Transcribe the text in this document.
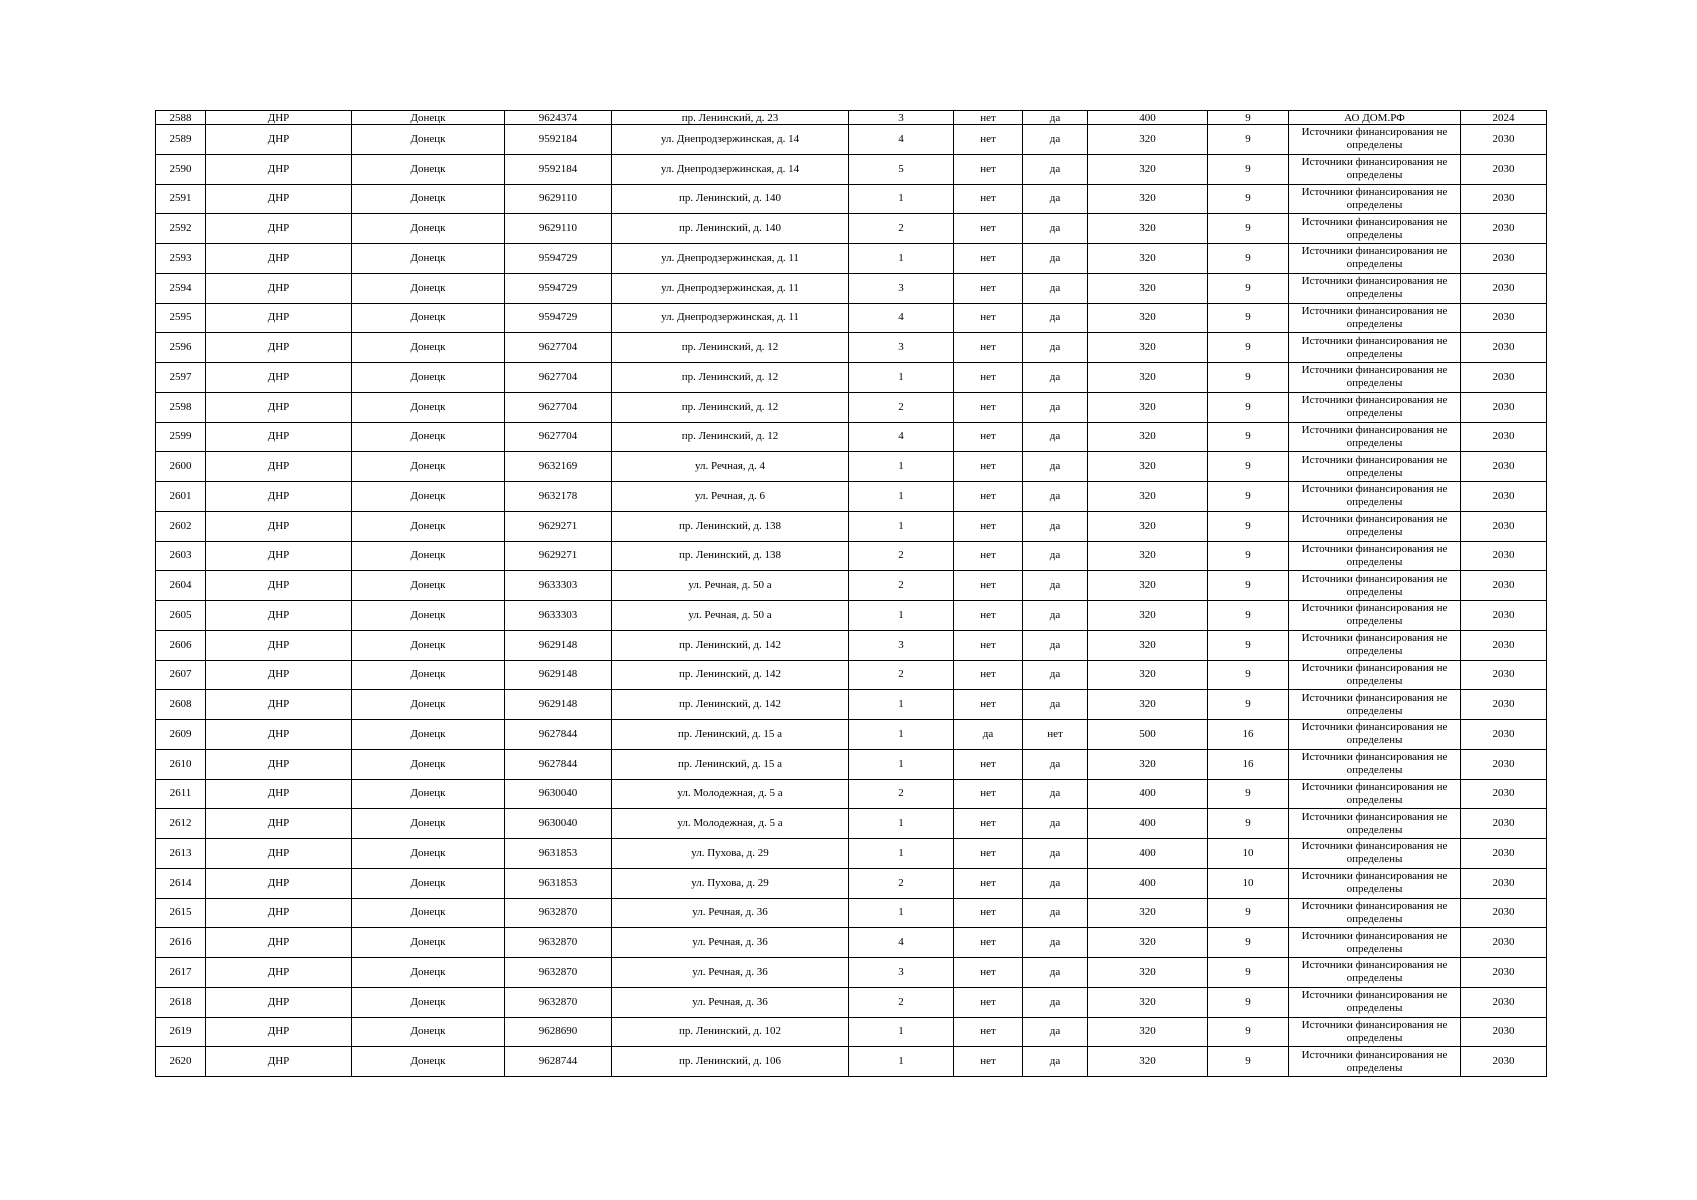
2588	ДНР	Донецк	9624374	пр. Ленинский, д. 23	3	нет	да	400	9	АО ДОМ.РФ	2024
2589	ДНР	Донецк	9592184	ул. Днепродзержинская, д. 14	4	нет	да	320	9	Источники финансирования не определены	2030
2590	ДНР	Донецк	9592184	ул. Днепродзержинская, д. 14	5	нет	да	320	9	Источники финансирования не определены	2030
2591	ДНР	Донецк	9629110	пр. Ленинский, д. 140	1	нет	да	320	9	Источники финансирования не определены	2030
2592	ДНР	Донецк	9629110	пр. Ленинский, д. 140	2	нет	да	320	9	Источники финансирования не определены	2030
2593	ДНР	Донецк	9594729	ул. Днепродзержинская, д. 11	1	нет	да	320	9	Источники финансирования не определены	2030
2594	ДНР	Донецк	9594729	ул. Днепродзержинская, д. 11	3	нет	да	320	9	Источники финансирования не определены	2030
2595	ДНР	Донецк	9594729	ул. Днепродзержинская, д. 11	4	нет	да	320	9	Источники финансирования не определены	2030
2596	ДНР	Донецк	9627704	пр. Ленинский, д. 12	3	нет	да	320	9	Источники финансирования не определены	2030
2597	ДНР	Донецк	9627704	пр. Ленинский, д. 12	1	нет	да	320	9	Источники финансирования не определены	2030
2598	ДНР	Донецк	9627704	пр. Ленинский, д. 12	2	нет	да	320	9	Источники финансирования не определены	2030
2599	ДНР	Донецк	9627704	пр. Ленинский, д. 12	4	нет	да	320	9	Источники финансирования не определены	2030
2600	ДНР	Донецк	9632169	ул. Речная, д. 4	1	нет	да	320	9	Источники финансирования не определены	2030
2601	ДНР	Донецк	9632178	ул. Речная, д. 6	1	нет	да	320	9	Источники финансирования не определены	2030
2602	ДНР	Донецк	9629271	пр. Ленинский, д. 138	1	нет	да	320	9	Источники финансирования не определены	2030
2603	ДНР	Донецк	9629271	пр. Ленинский, д. 138	2	нет	да	320	9	Источники финансирования не определены	2030
2604	ДНР	Донецк	9633303	ул. Речная, д. 50 а	2	нет	да	320	9	Источники финансирования не определены	2030
2605	ДНР	Донецк	9633303	ул. Речная, д. 50 а	1	нет	да	320	9	Источники финансирования не определены	2030
2606	ДНР	Донецк	9629148	пр. Ленинский, д. 142	3	нет	да	320	9	Источники финансирования не определены	2030
2607	ДНР	Донецк	9629148	пр. Ленинский, д. 142	2	нет	да	320	9	Источники финансирования не определены	2030
2608	ДНР	Донецк	9629148	пр. Ленинский, д. 142	1	нет	да	320	9	Источники финансирования не определены	2030
2609	ДНР	Донецк	9627844	пр. Ленинский, д. 15 а	1	да	нет	500	16	Источники финансирования не определены	2030
2610	ДНР	Донецк	9627844	пр. Ленинский, д. 15 а	1	нет	да	320	16	Источники финансирования не определены	2030
2611	ДНР	Донецк	9630040	ул. Молодежная, д. 5 а	2	нет	да	400	9	Источники финансирования не определены	2030
2612	ДНР	Донецк	9630040	ул. Молодежная, д. 5 а	1	нет	да	400	9	Источники финансирования не определены	2030
2613	ДНР	Донецк	9631853	ул. Пухова, д. 29	1	нет	да	400	10	Источники финансирования не определены	2030
2614	ДНР	Донецк	9631853	ул. Пухова, д. 29	2	нет	да	400	10	Источники финансирования не определены	2030
2615	ДНР	Донецк	9632870	ул. Речная, д. 36	1	нет	да	320	9	Источники финансирования не определены	2030
2616	ДНР	Донецк	9632870	ул. Речная, д. 36	4	нет	да	320	9	Источники финансирования не определены	2030
2617	ДНР	Донецк	9632870	ул. Речная, д. 36	3	нет	да	320	9	Источники финансирования не определены	2030
2618	ДНР	Донецк	9632870	ул. Речная, д. 36	2	нет	да	320	9	Источники финансирования не определены	2030
2619	ДНР	Донецк	9628690	пр. Ленинский, д. 102	1	нет	да	320	9	Источники финансирования не определены	2030
2620	ДНР	Донецк	9628744	пр. Ленинский, д. 106	1	нет	да	320	9	Источники финансирования не определены	2030
